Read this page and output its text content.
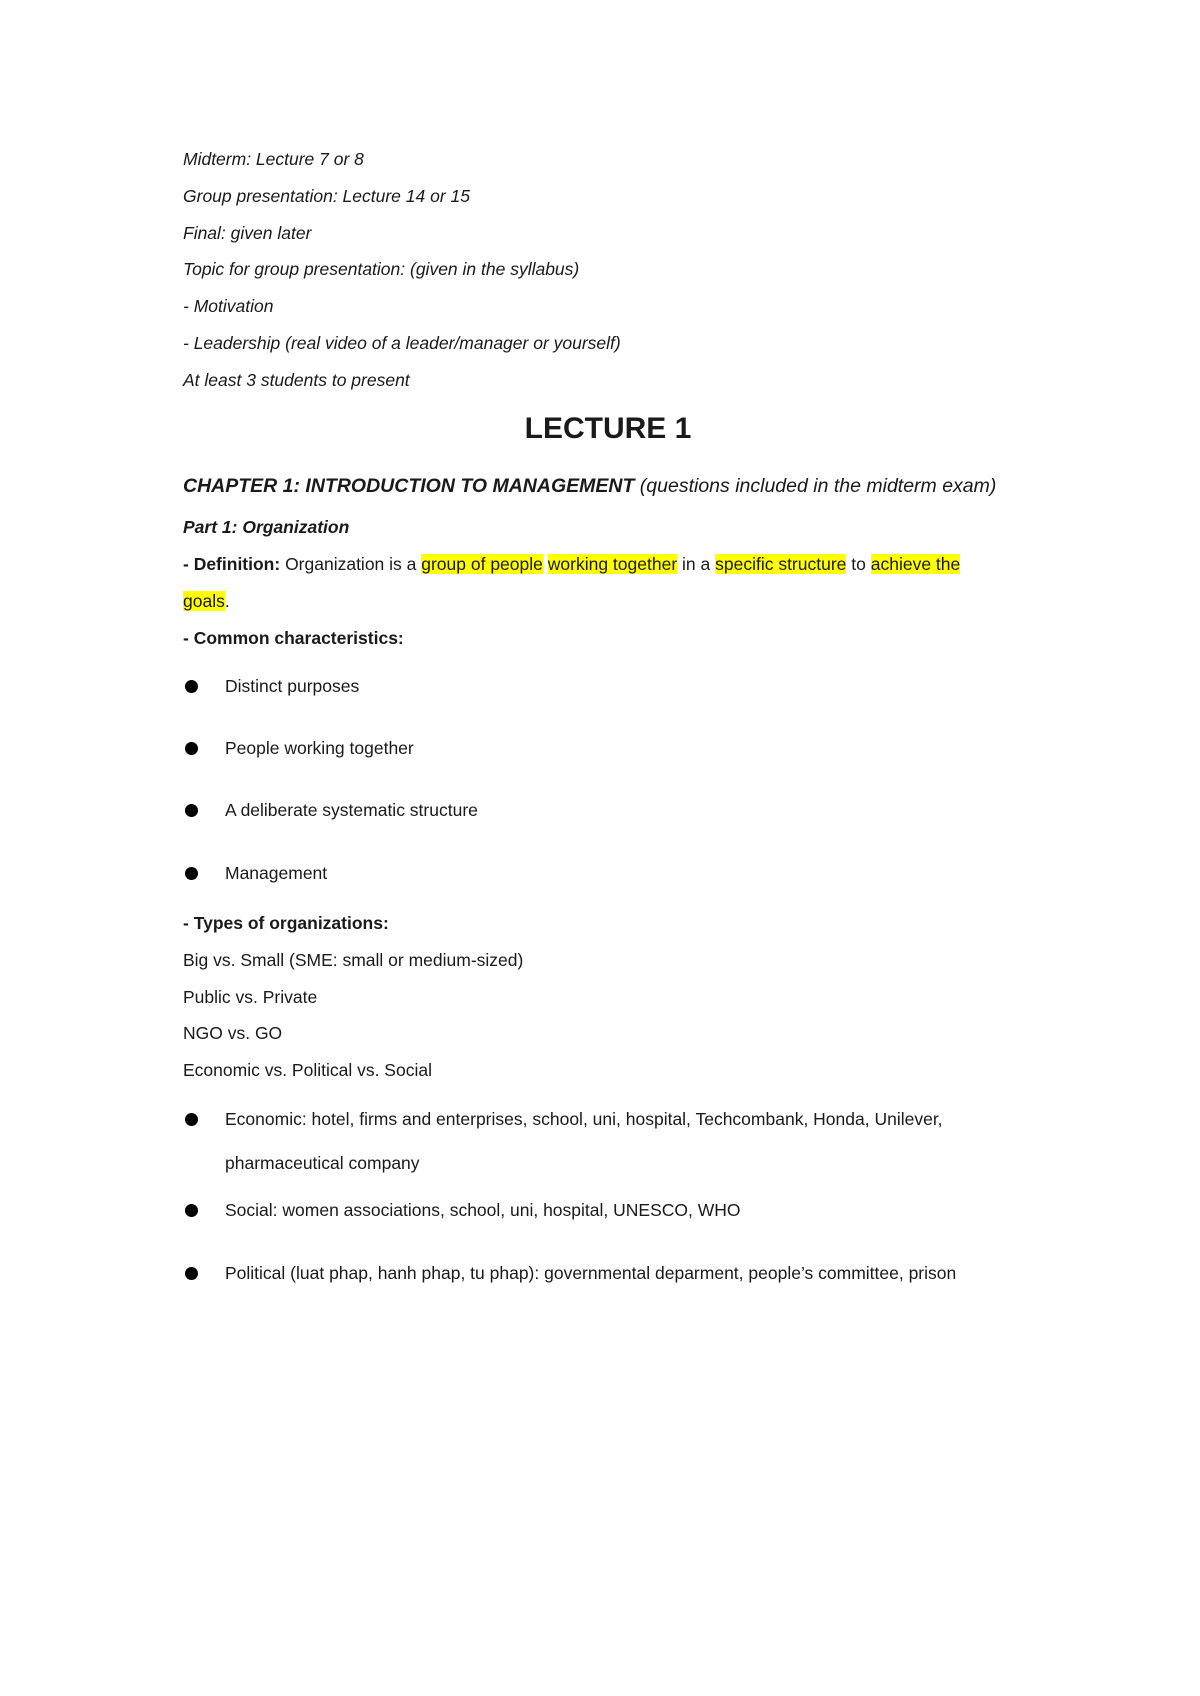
Midterm: Lecture 7 or 8
Group presentation: Lecture 14 or 15
Final: given later
Topic for group presentation: (given in the syllabus)
- Motivation
- Leadership (real video of a leader/manager or yourself)
At least 3 students to present
LECTURE 1
CHAPTER 1: INTRODUCTION TO MANAGEMENT (questions included in the midterm exam)
Part 1: Organization
- Definition: Organization is a group of people working together in a specific structure to achieve the
goals.
- Common characteristics:
Distinct purposes
People working together
A deliberate systematic structure
Management
- Types of organizations:
Big vs. Small (SME: small or medium-sized)
Public vs. Private
NGO vs. GO
Economic vs. Political vs. Social
Economic: hotel, firms and enterprises, school, uni, hospital, Techcombank, Honda, Unilever,
pharmaceutical company
Social: women associations, school, uni, hospital, UNESCO, WHO
Political (luat phap, hanh phap, tu phap): governmental deparment, people’s committee, prison
